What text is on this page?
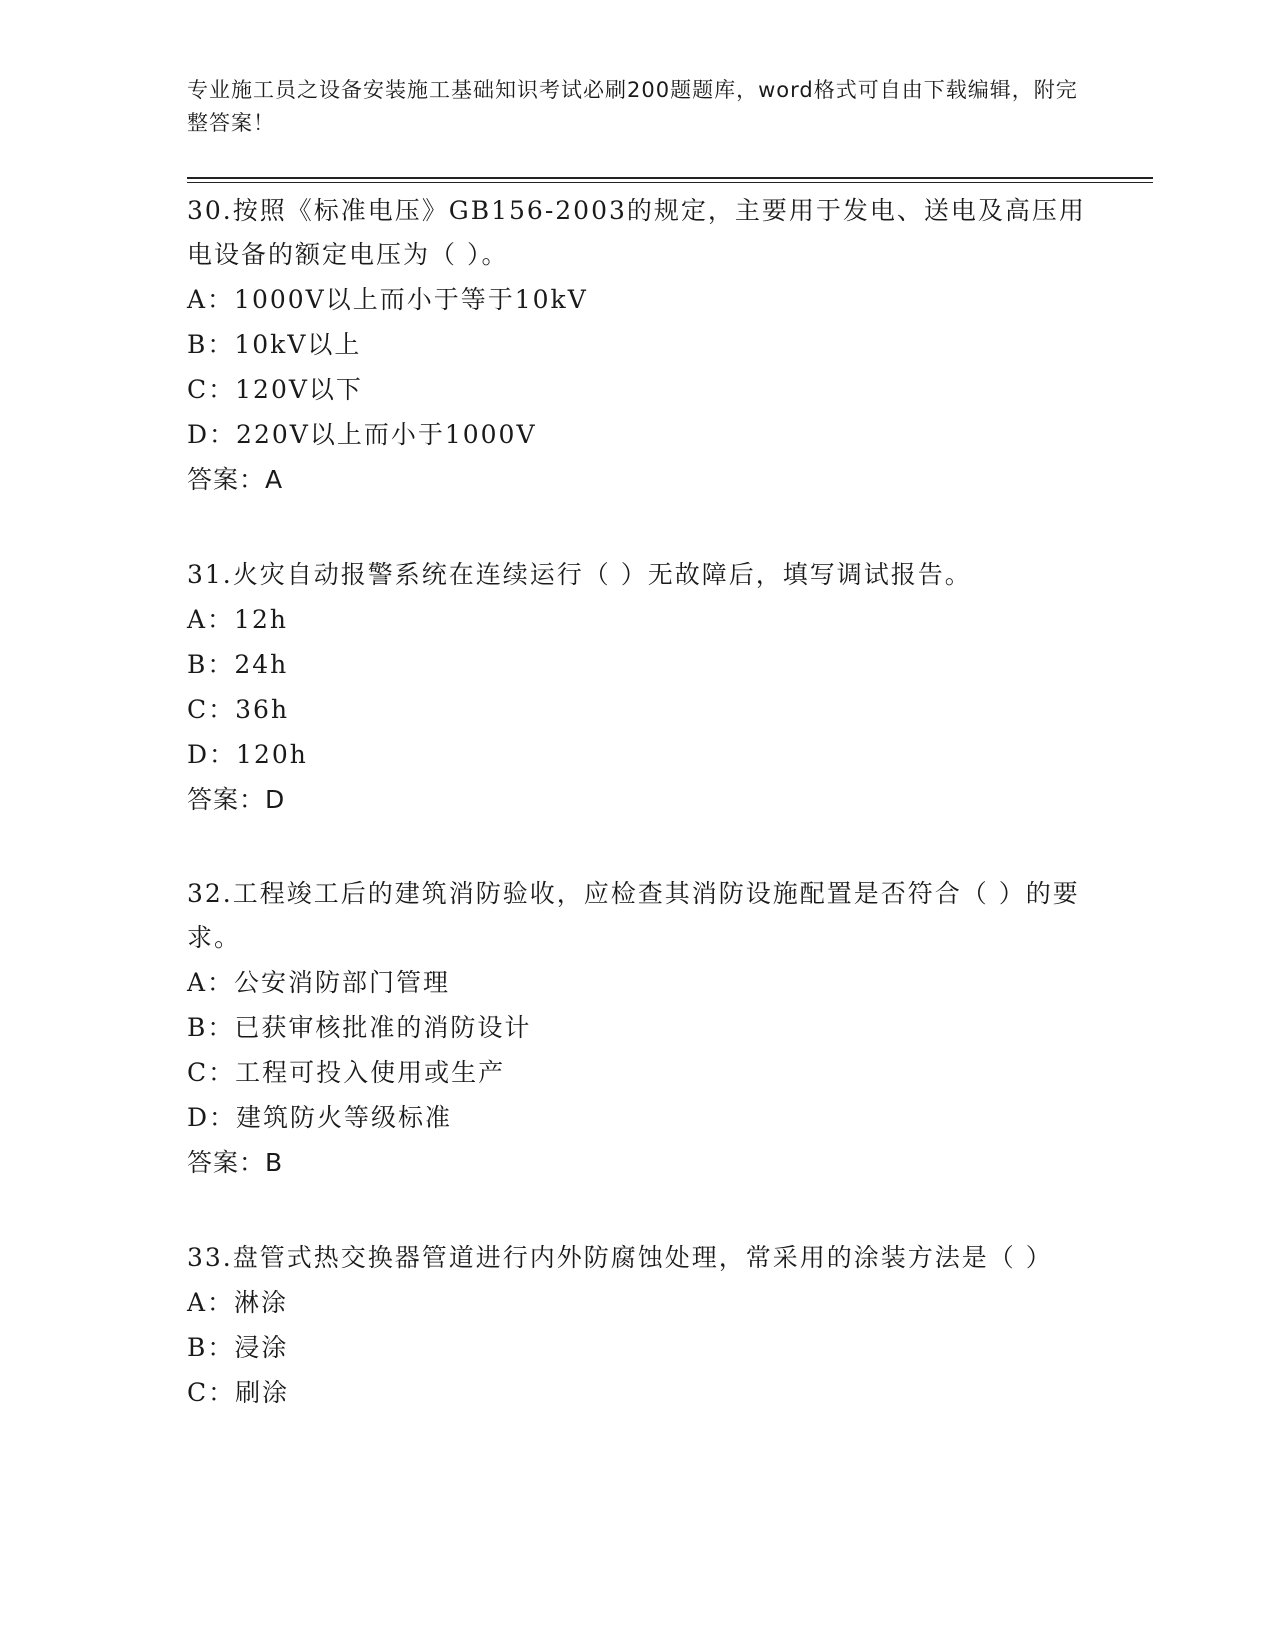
专业施工员之设备安装施工基础知识考试必刷200题题库，word格式可自由下载编辑，附完整答案！
30.按照《标准电压》GB156-2003的规定，主要用于发电、送电及高压用电设备的额定电压为（ ）。
A：1000V以上而小于等于10kV
B：10kV以上
C：120V以下
D：220V以上而小于1000V
答案：A
31.火灾自动报警系统在连续运行（ ）无故障后，填写调试报告。
A：12h
B：24h
C：36h
D：120h
答案：D
32.工程竣工后的建筑消防验收，应检查其消防设施配置是否符合（ ）的要求。
A：公安消防部门管理
B：已获审核批准的消防设计
C：工程可投入使用或生产
D：建筑防火等级标准
答案：B
33.盘管式热交换器管道进行内外防腐蚀处理，常采用的涂装方法是（ ）
A：淋涂
B：浸涂
C：刷涂
